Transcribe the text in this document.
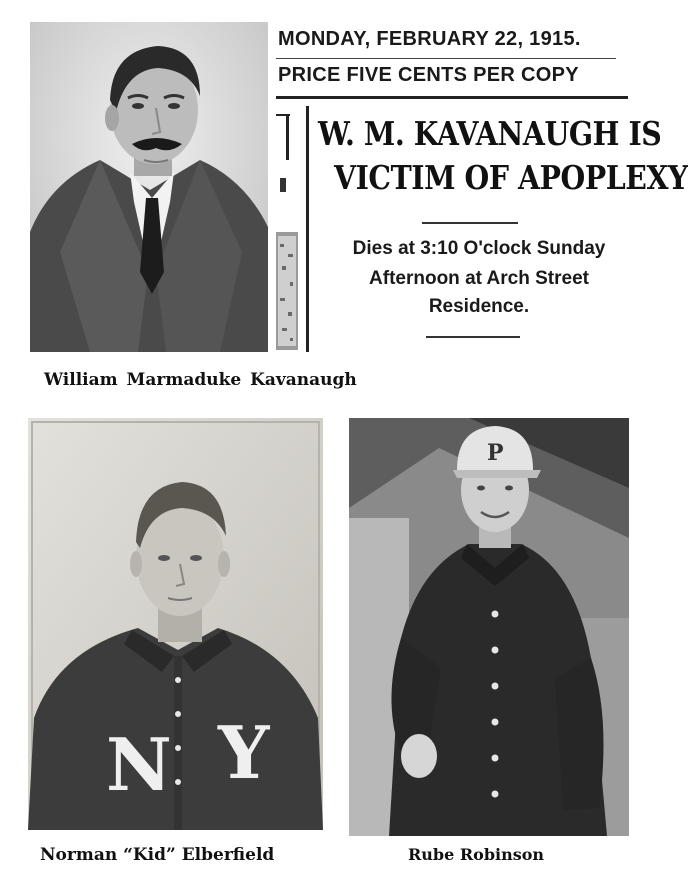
MONDAY, FEBRUARY 22, 1915.
PRICE FIVE CENTS PER COPY
W. M. KAVANAUGH IS
VICTIM OF APOPLEXY
Dies at 3:10 O'clock Sunday
Afternoon at Arch Street
Residence.
William Marmaduke Kavanaugh
N Y
Norman “Kid” Elberfield
P
Rube Robinson
